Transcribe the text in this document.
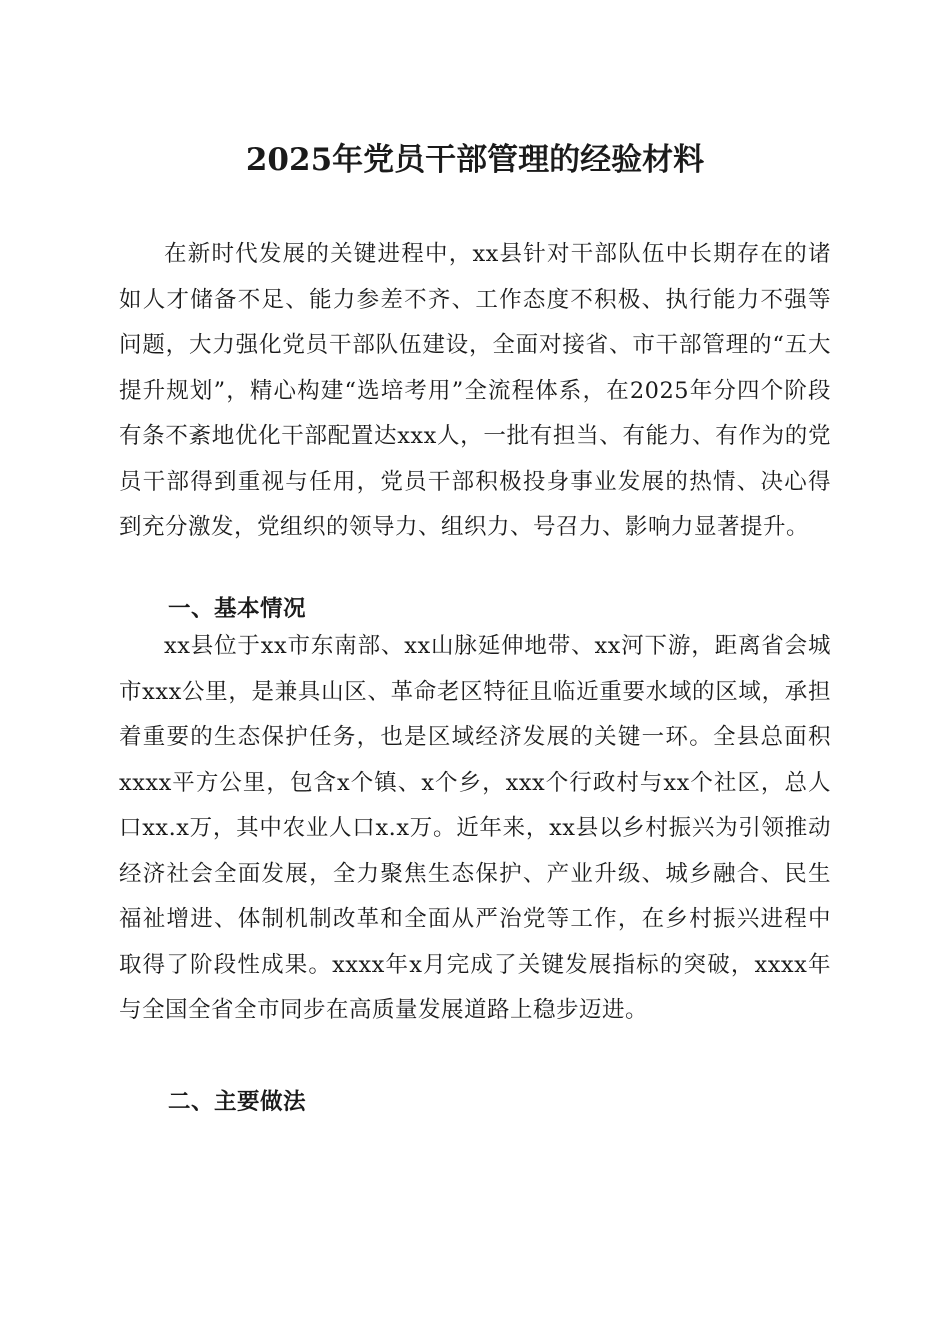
2025年党员干部管理的经验材料

在新时代发展的关键进程中，xx县针对干部队伍中长期存在的诸如人才储备不足、能力参差不齐、工作态度不积极、执行能力不强等问题，大力强化党员干部队伍建设，全面对接省、市干部管理的“五大提升规划”，精心构建“选培考用”全流程体系，在2025年分四个阶段有条不紊地优化干部配置达xxx人，一批有担当、有能力、有作为的党员干部得到重视与任用，党员干部积极投身事业发展的热情、决心得到充分激发，党组织的领导力、组织力、号召力、影响力显著提升。

一、基本情况

xx县位于xx市东南部、xx山脉延伸地带、xx河下游，距离省会城市xxx公里，是兼具山区、革命老区特征且临近重要水域的区域，承担着重要的生态保护任务，也是区域经济发展的关键一环。全县总面积xxxx平方公里，包含x个镇、x个乡，xxx个行政村与xx个社区，总人口xx.x万，其中农业人口x.x万。近年来，xx县以乡村振兴为引领推动经济社会全面发展，全力聚焦生态保护、产业升级、城乡融合、民生福祉增进、体制机制改革和全面从严治党等工作，在乡村振兴进程中取得了阶段性成果。xxxx年x月完成了关键发展指标的突破，xxxx年与全国全省全市同步在高质量发展道路上稳步迈进。

二、主要做法
